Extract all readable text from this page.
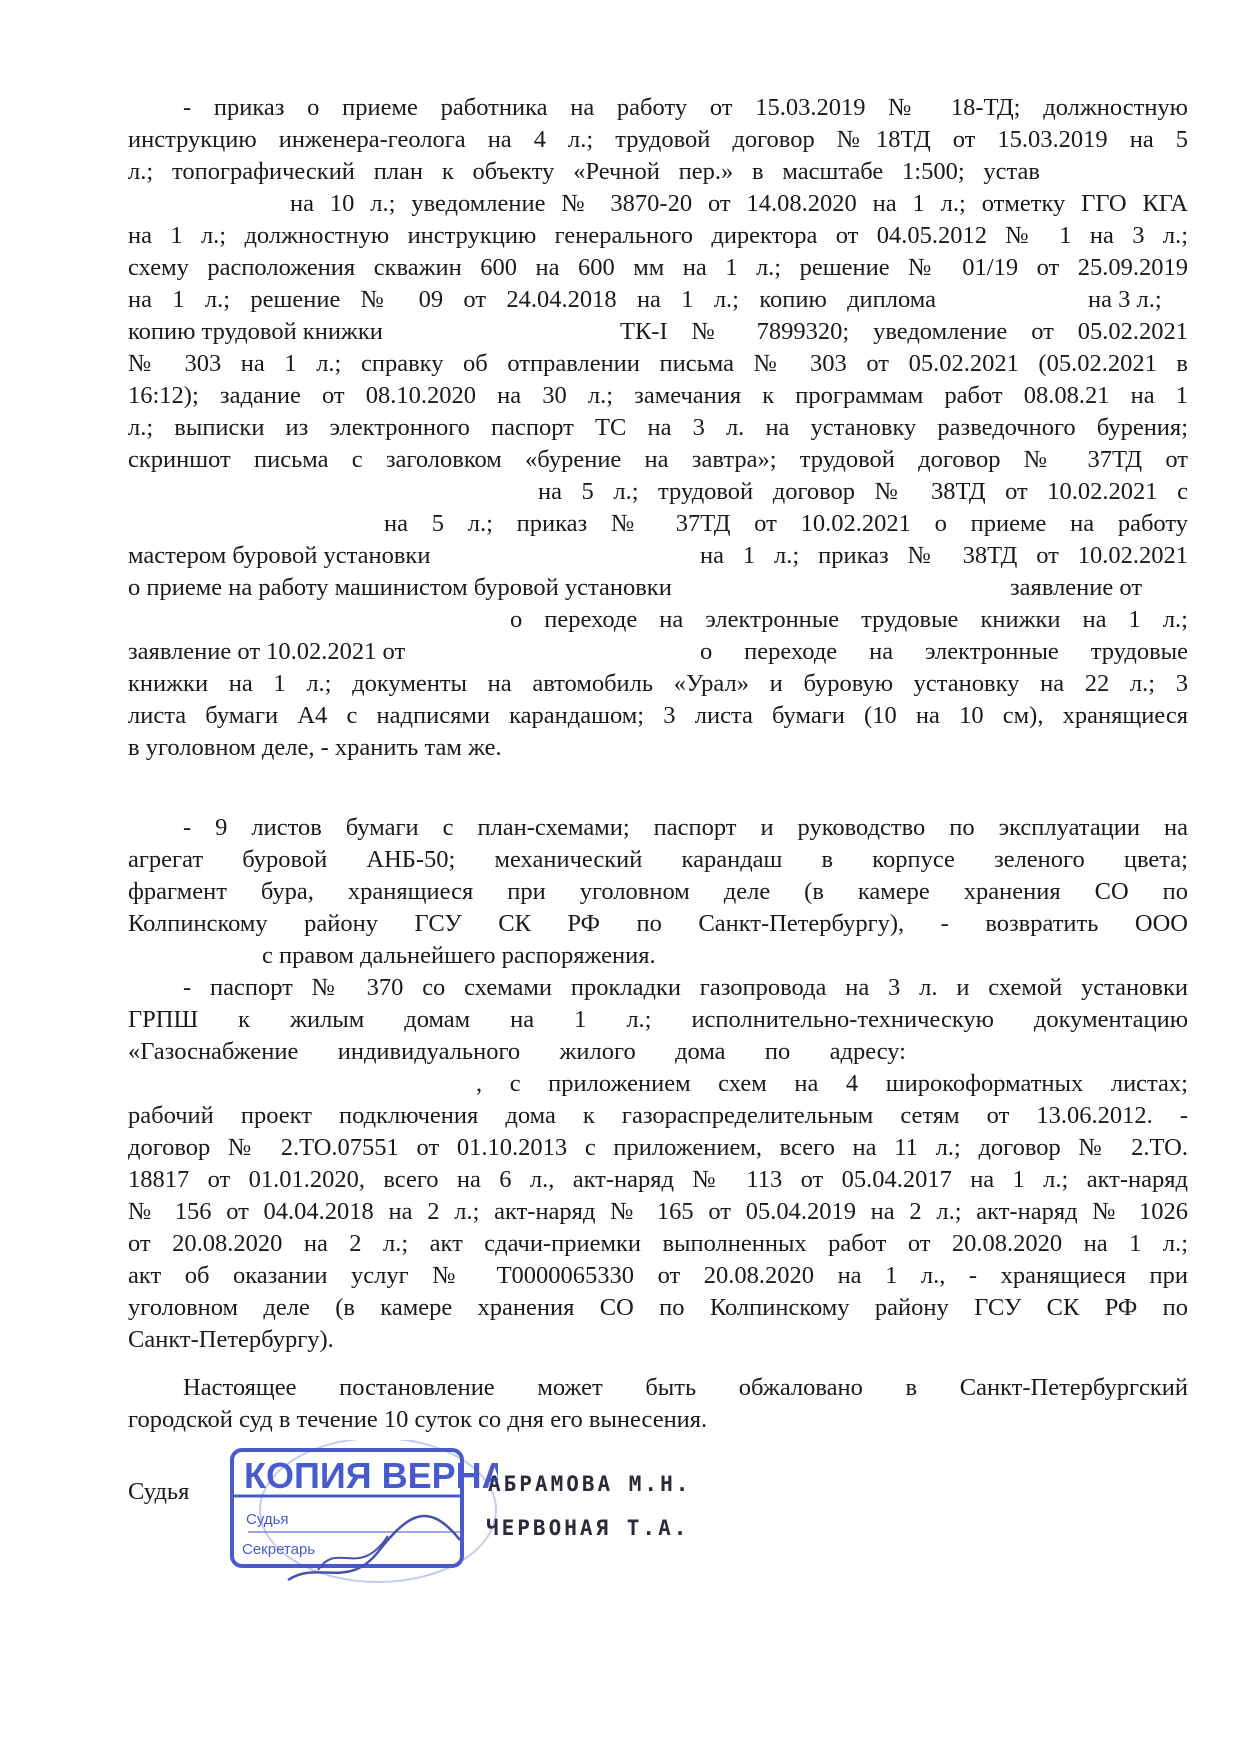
- приказ о приеме работника на работу от 15.03.2019 № 18-ТД; должностную
инструкцию инженера-геолога на 4 л.; трудовой договор №18ТД от 15.03.2019 на 5
л.; топографический план к объекту «Речной пер.» в масштабе 1:500; устав
на 10 л.; уведомление № 3870-20 от 14.08.2020 на 1 л.; отметку ГГО КГА
на 1 л.; должностную инструкцию генерального директора от 04.05.2012 № 1 на 3 л.;
схему расположения скважин 600 на 600 мм на 1 л.; решение № 01/19 от 25.09.2019
на 1 л.; решение № 09 от 24.04.2018 на 1 л.; копию диплома	на 3 л.;
копию трудовой книжки	ТК-I № 7899320; уведомление от 05.02.2021
№ 303 на 1 л.; справку об отправлении письма № 303 от 05.02.2021 (05.02.2021 в
16:12); задание от 08.10.2020 на 30 л.; замечания к программам работ 08.08.21 на 1
л.; выписки из электронного паспорт ТС на 3 л. на установку разведочного бурения;
скриншот письма с заголовком «бурение на завтра»; трудовой договор № 37ТД от
на 5 л.; трудовой договор № 38ТД от 10.02.2021 с
на 5 л.; приказ № 37ТД от 10.02.2021 о приеме на работу
мастером буровой установки	на 1 л.; приказ № 38ТД от 10.02.2021
о приеме на работу машинистом буровой установки	заявление от
о переходе на электронные трудовые книжки на 1 л.;
заявление от 10.02.2021 от	о переходе на электронные трудовые
книжки на 1 л.; документы на автомобиль «Урал» и буровую установку на 22 л.; 3
листа бумаги А4 с надписями карандашом; 3 листа бумаги (10 на 10 см), хранящиеся
в уголовном деле, - хранить там же.
- 9 листов бумаги с план-схемами; паспорт и руководство по эксплуатации на
агрегат буровой АНБ-50; механический карандаш в корпусе зеленого цвета;
фрагмент бура, хранящиеся при уголовном деле (в камере хранения СО по
Колпинскому району ГСУ СК РФ по Санкт-Петербургу), - возвратить ООО
с правом дальнейшего распоряжения.
- паспорт № 370 со схемами прокладки газопровода на 3 л. и схемой установки
ГРПШ к жилым домам на 1 л.; исполнительно-техническую документацию
«Газоснабжение индивидуального жилого дома по адресу:
, с приложением схем на 4 широкоформатных листах;
рабочий проект подключения дома к газораспределительным сетям от 13.06.2012. -
договор № 2.ТО.07551 от 01.10.2013 с приложением, всего на 11 л.; договор № 2.ТО.
18817 от 01.01.2020, всего на 6 л., акт-наряд № 113 от 05.04.2017 на 1 л.; акт-наряд
№ 156 от 04.04.2018 на 2 л.; акт-наряд № 165 от 05.04.2019 на 2 л.; акт-наряд № 1026
от 20.08.2020 на 2 л.; акт сдачи-приемки выполненных работ от 20.08.2020 на 1 л.;
акт об оказании услуг № Т0000065330 от 20.08.2020 на 1 л., - хранящиеся при
уголовном деле (в камере хранения СО по Колпинскому району ГСУ СК РФ по
Санкт-Петербургу).
Настоящее постановление может быть обжаловано в Санкт-Петербургский
городской суд в течение 10 суток со дня его вынесения.
Судья	АБРАМОВА М.Н.
ЧЕРВОНАЯ Т.А.
КОПИЯ ВЕРНА
Судья
Секретарь
